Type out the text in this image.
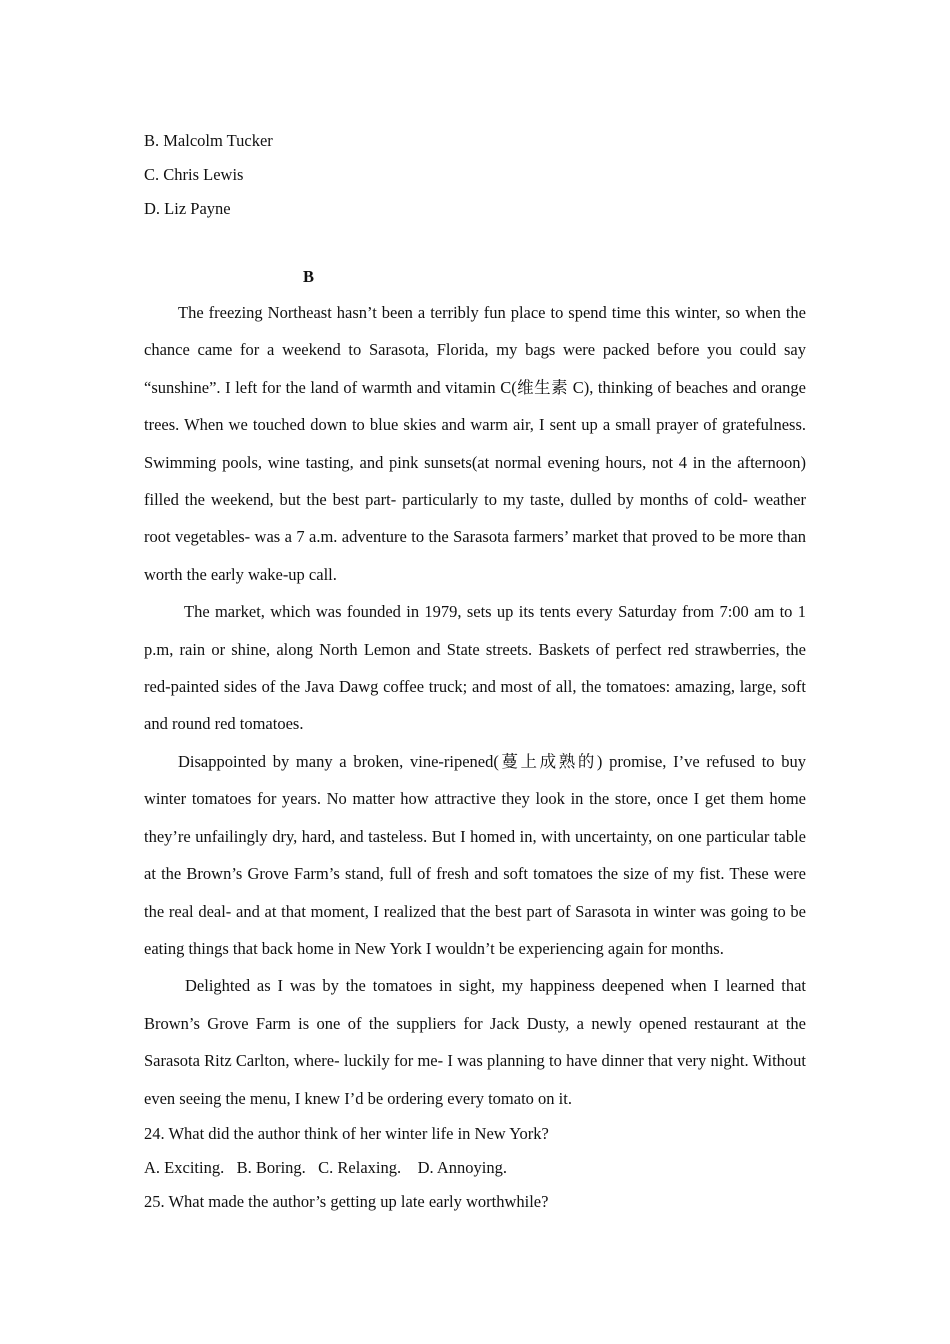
B. Malcolm Tucker

C. Chris Lewis

D. Liz Payne

B

The freezing Northeast hasn’t been a terribly fun place to spend time this winter, so when the chance came for a weekend to Sarasota, Florida, my bags were packed before you could say “sunshine”. I left for the land of warmth and vitamin C(维生素 C), thinking of beaches and orange trees. When we touched down to blue skies and warm air, I sent up a small prayer of gratefulness. Swimming pools, wine tasting, and pink sunsets(at normal evening hours, not 4 in the afternoon) filled the weekend, but the best part- particularly to my taste, dulled by months of cold- weather root vegetables- was a 7 a.m. adventure to the Sarasota farmers’ market that proved to be more than worth the early wake-up call.

The market, which was founded in 1979, sets up its tents every Saturday from 7:00 am to 1 p.m, rain or shine, along North Lemon and State streets. Baskets of perfect red strawberries, the red-painted sides of the Java Dawg coffee truck; and most of all, the tomatoes: amazing, large, soft and round red tomatoes.

Disappointed by many a broken, vine-ripened(蔓上成熟的) promise, I’ve refused to buy winter tomatoes for years. No matter how attractive they look in the store, once I get them home they’re unfailingly dry, hard, and tasteless. But I homed in, with uncertainty, on one particular table at the Brown’s Grove Farm’s stand, full of fresh and soft tomatoes the size of my fist. These were the real deal- and at that moment, I realized that the best part of Sarasota in winter was going to be eating things that back home in New York I wouldn’t be experiencing again for months.

Delighted as I was by the tomatoes in sight, my happiness deepened when I learned that Brown’s Grove Farm is one of the suppliers for Jack Dusty, a newly opened restaurant at the Sarasota Ritz Carlton, where- luckily for me- I was planning to have dinner that very night. Without even seeing the menu, I knew I’d be ordering every tomato on it.

24. What did the author think of her winter life in New York?

A. Exciting.   B. Boring.   C. Relaxing.    D. Annoying.

25. What made the author’s getting up late early worthwhile?
